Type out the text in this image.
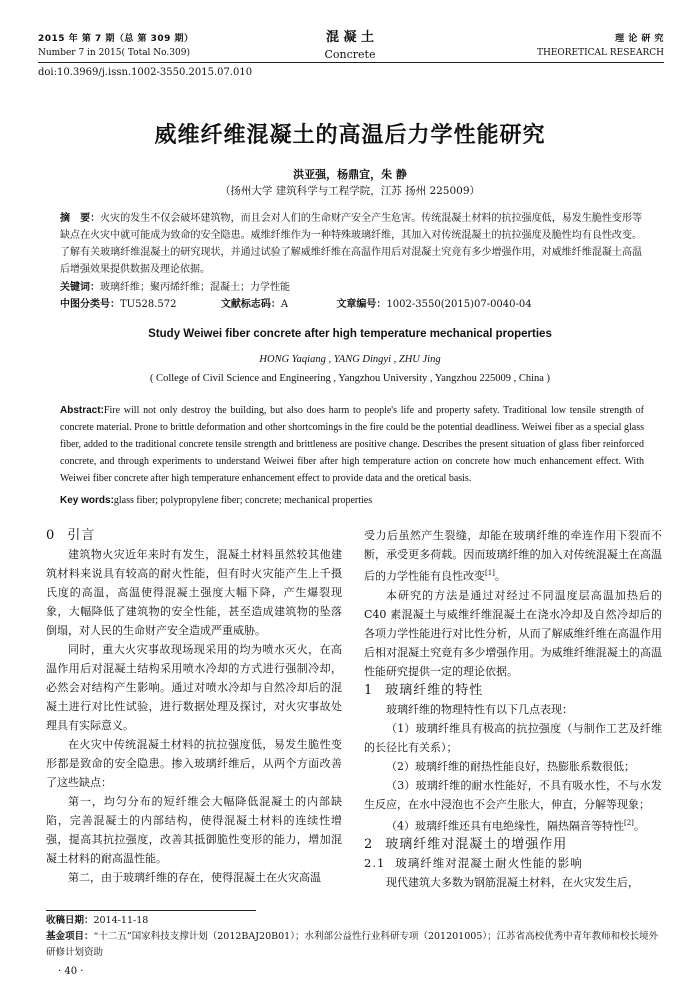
2015 年 第 7 期（总 第 309 期）
Number 7 in 2015( Total No.309)
混 凝 土
Concrete
理 论 研 究
THEORETICAL RESEARCH
doi:10.3969/j.issn.1002-3550.2015.07.010
威维纤维混凝土的高温后力学性能研究
洪亚强，杨鼎宜，朱 静
（扬州大学 建筑科学与工程学院，江苏 扬州 225009）
摘　要：火灾的发生不仅会破坏建筑物，而且会对人们的生命财产安全产生危害。传统混凝土材料的抗拉强度低，易发生脆性变形等缺点在火灾中就可能成为致命的安全隐患。威维纤维作为一种特殊玻璃纤维，其加入对传统混凝土的抗拉强度及脆性均有良性改变。了解有关玻璃纤维混凝土的研究现状，并通过试验了解威维纤维在高温作用后对混凝土究竟有多少增强作用，对威维纤维混凝土高温后增强效果提供数据及理论依据。
关键词：玻璃纤维；聚丙烯纤维；混凝土；力学性能
中图分类号：TU528.572	文献标志码：A	文章编号：1002-3550(2015)07-0040-04
Study Weiwei fiber concrete after high temperature mechanical properties
HONG Yaqiang , YANG Dingyi , ZHU Jing
( College of Civil Science and Engineering , Yangzhou University , Yangzhou 225009 , China )
Abstract:Fire will not only destroy the building, but also does harm to people's life and property safety. Traditional low tensile strength of concrete material. Prone to brittle deformation and other shortcomings in the fire could be the potential deadliness. Weiwei fiber as a special glass fiber, added to the traditional concrete tensile strength and brittleness are positive change. Describes the present situation of glass fiber reinforced concrete, and through experiments to understand Weiwei fiber after high temperature action on concrete how much enhancement effect. With Weiwei fiber concrete after high temperature enhancement effect to provide data and the oretical basis.
Key words:glass fiber; polypropylene fiber; concrete; mechanical properties

0 引言

建筑物火灾近年来时有发生，混凝土材料虽然较其他建筑材料来说具有较高的耐火性能，但有时火灾能产生上千摄氏度的高温，高温使得混凝土强度大幅下降，产生爆裂现象，大幅降低了建筑物的安全性能，甚至造成建筑物的坠落倒塌，对人民的生命财产安全造成严重威胁。

同时，重大火灾事故现场现采用的均为喷水灭火，在高温作用后对混凝土结构采用喷水冷却的方式进行强制冷却，必然会对结构产生影响。通过对喷水冷却与自然冷却后的混凝土进行对比性试验，进行数据处理及探讨，对火灾事故处理具有实际意义。

在火灾中传统混凝土材料的抗拉强度低，易发生脆性变形都是致命的安全隐患。掺入玻璃纤维后，从两个方面改善了这些缺点：

第一，均匀分布的短纤维会大幅降低混凝土的内部缺陷，完善混凝土的内部结构，使得混凝土材料的连续性增强，提高其抗拉强度，改善其抵御脆性变形的能力，增加混凝土材料的耐高温性能。

第二，由于玻璃纤维的存在，使得混凝土在火灾高温

受力后虽然产生裂缝，却能在玻璃纤维的牵连作用下裂而不断，承受更多荷载。因而玻璃纤维的加入对传统混凝土在高温后的力学性能有良性改变[1]。

本研究的方法是通过对经过不同温度层高温加热后的 C40 素混凝土与威维纤维混凝土在浇水冷却及自然冷却后的各项力学性能进行对比性分析，从而了解威维纤维在高温作用后相对混凝土究竟有多少增强作用。为威维纤维混凝土的高温性能研究提供一定的理论依据。

1 玻璃纤维的特性

玻璃纤维的物理特性有以下几点表现：

（1）玻璃纤维具有极高的抗拉强度（与制作工艺及纤维的长径比有关系）；

（2）玻璃纤维的耐热性能良好，热膨胀系数很低；

（3）玻璃纤维的耐水性能好，不具有吸水性，不与水发生反应，在水中浸泡也不会产生胀大，伸直，分解等现象；

（4）玻璃纤维还具有电绝缘性，隔热隔音等特性[2]。

2 玻璃纤维对混凝土的增强作用

2.1 玻璃纤维对混凝土耐火性能的影响

现代建筑大多数为钢筋混凝土材料，在火灾发生后，

收稿日期：2014-11-18
基金项目：“十二五”国家科技支撑计划（2012BAJ20B01）；水利部公益性行业科研专项（201201005）；江苏省高校优秀中青年教师和校长境外研修计划资助
· 40 ·
